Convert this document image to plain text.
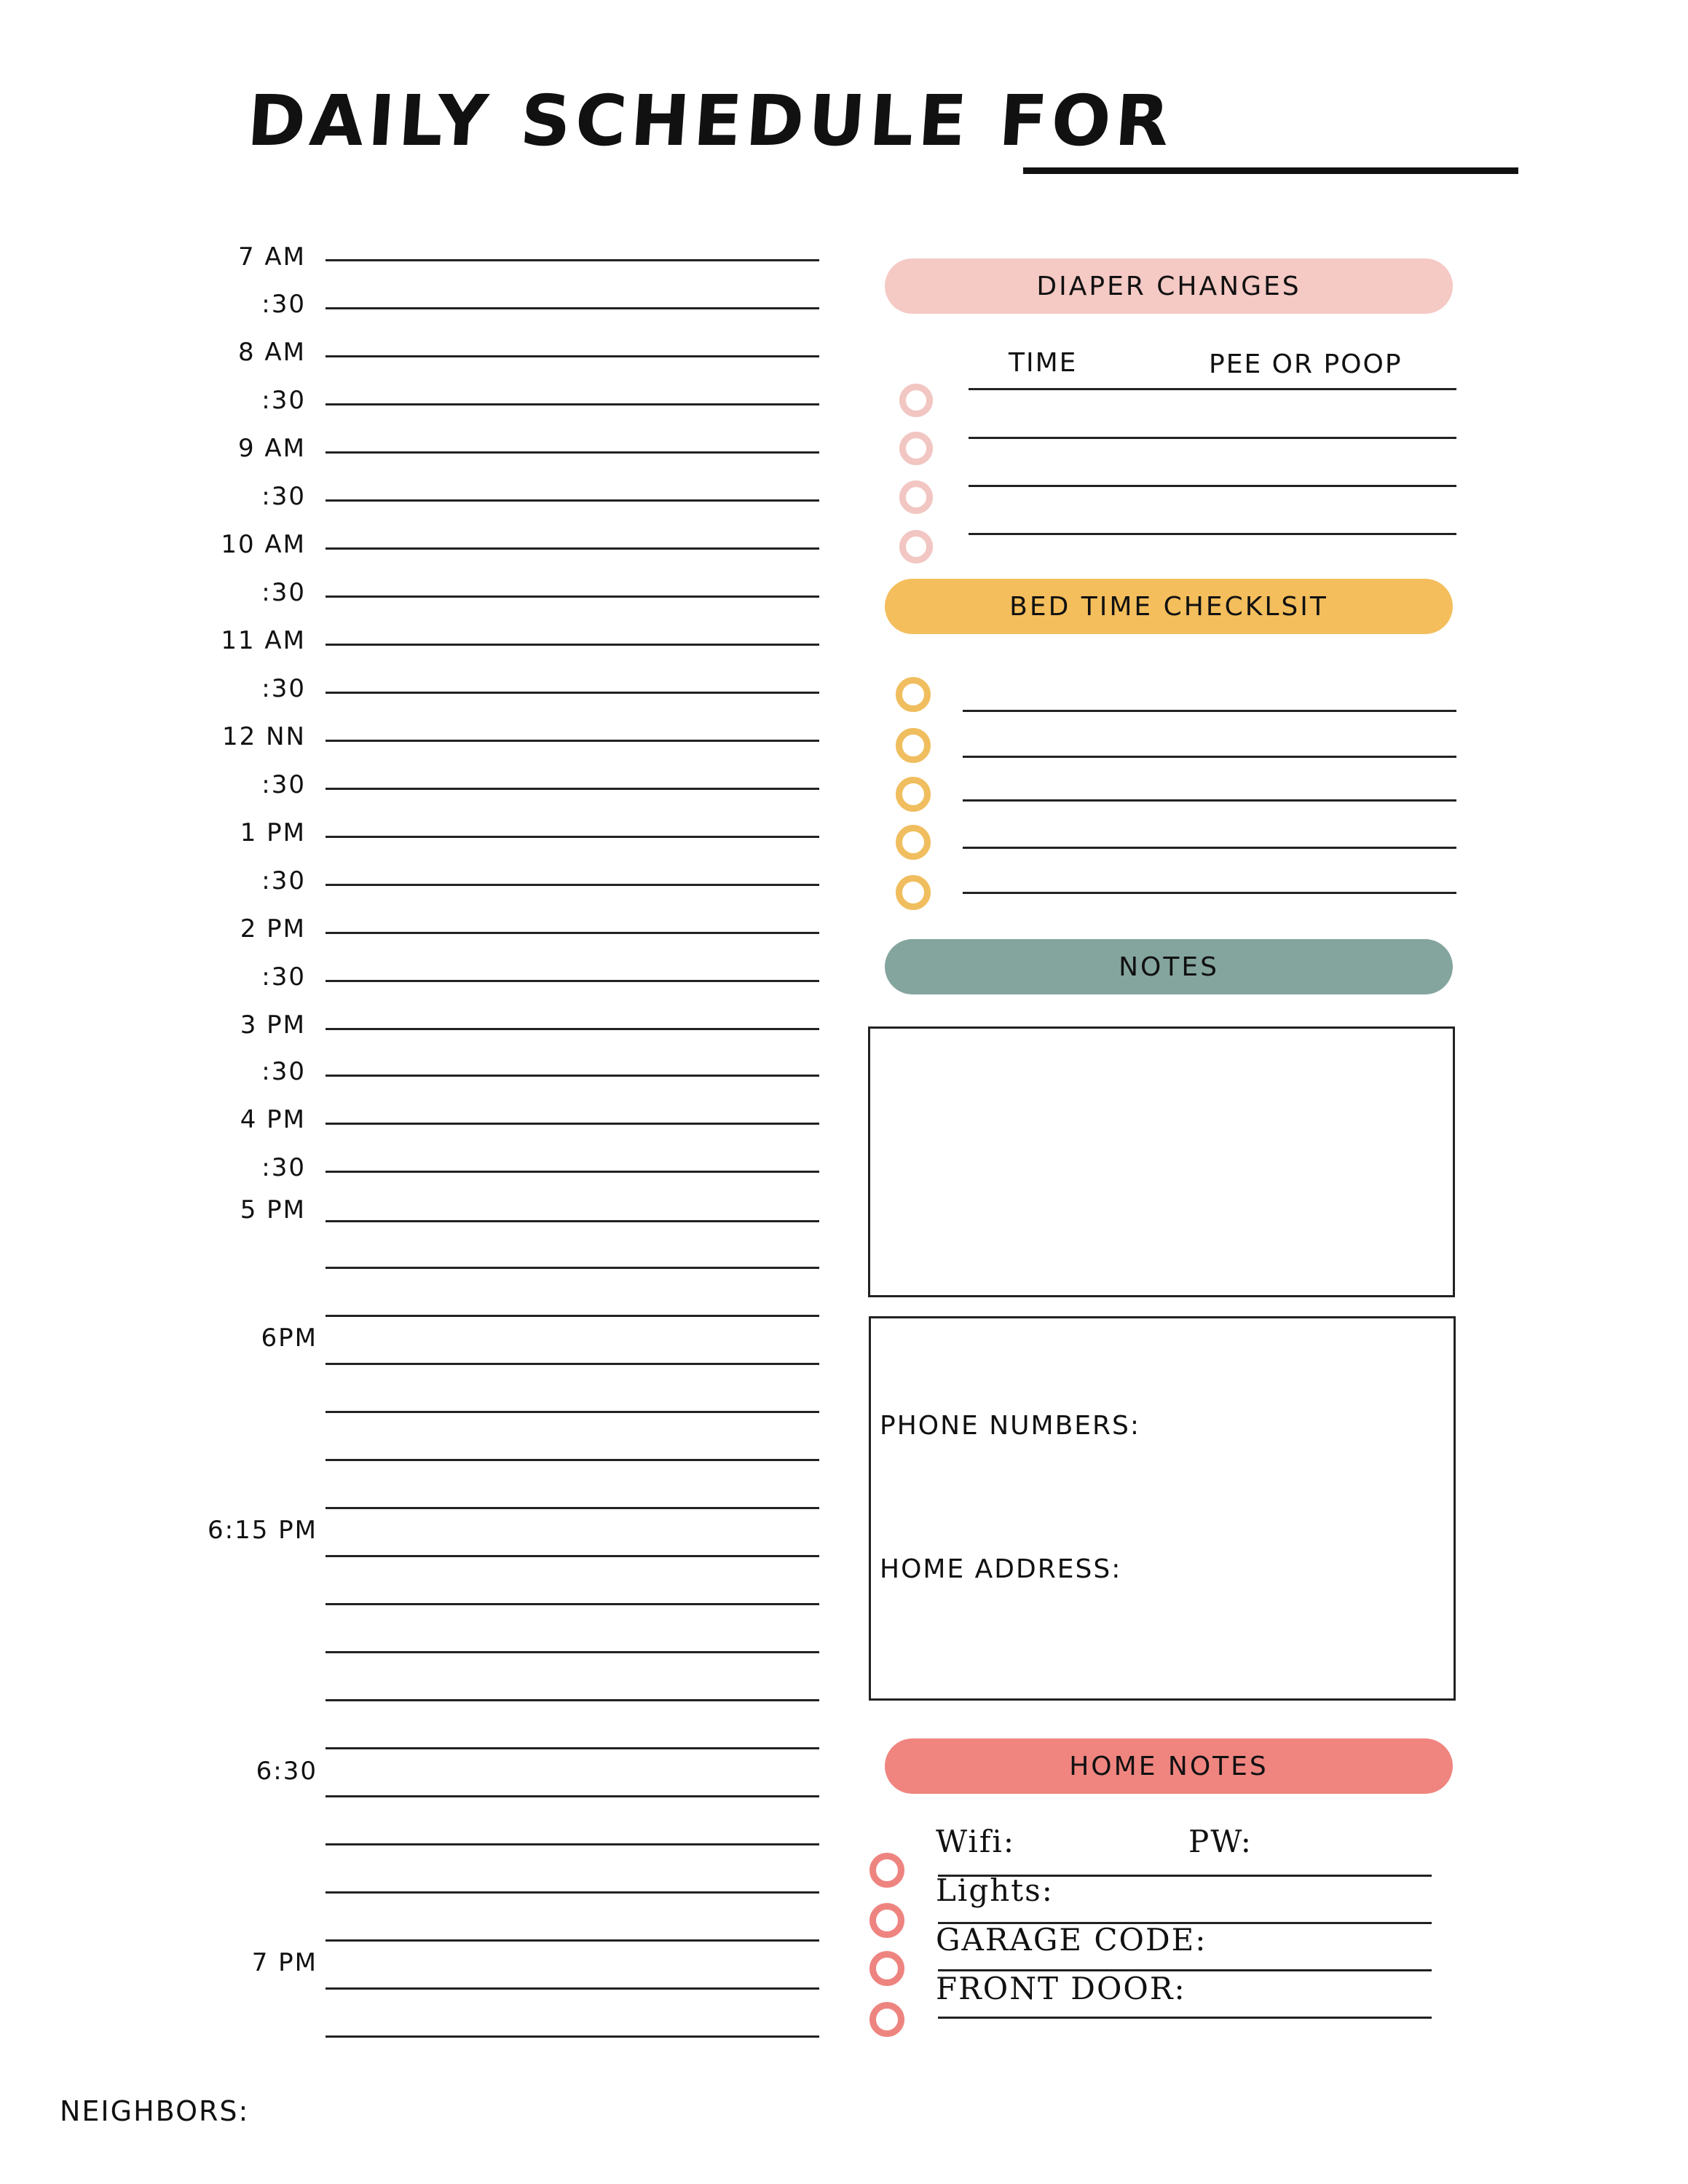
DAILY SCHEDULE FOR
7 AM
:30
8 AM
:30
9 AM
:30
10 AM
:30
11 AM
:30
12 NN
:30
1 PM
:30
2 PM
:30
3 PM
:30
4 PM
:30
5 PM
6PM
6:15 PM
6:30
7 PM
DIAPER CHANGES
TIME	PEE OR POOP
BED TIME CHECKLSIT
NOTES
PHONE NUMBERS:
HOME ADDRESS:
HOME NOTES
Wifi:	PW:
Lights:
GARAGE CODE:
FRONT DOOR:
NEIGHBORS:
